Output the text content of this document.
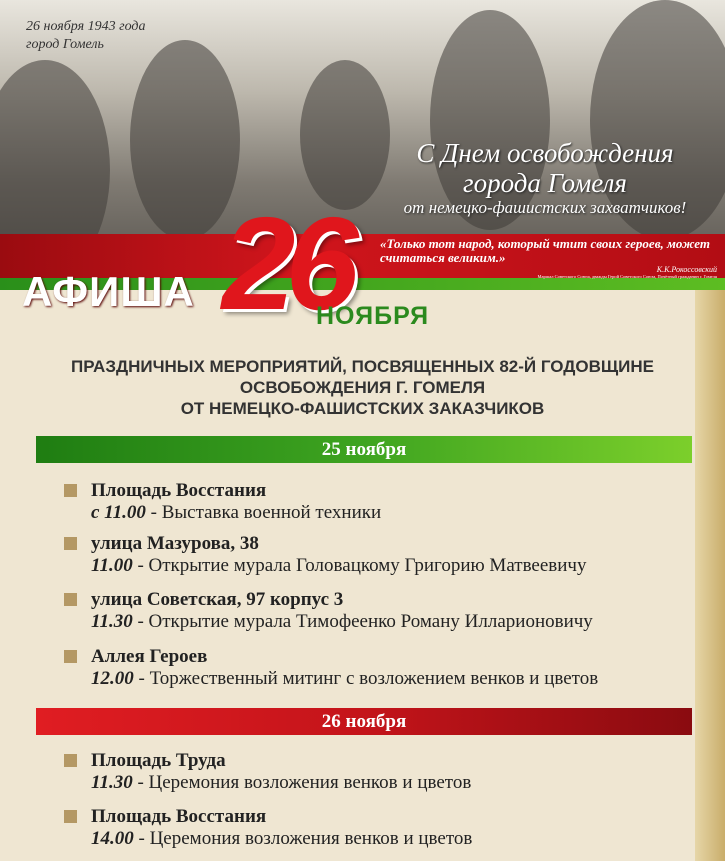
26 ноября 1943 года
город Гомель
С Днем освобождения
города Гомеля
от немецко-фашистских захватчиков!
«Только тот народ, который чтит своих героев, может считаться великим.»
К.К.Рокоссовский
Маршал Советского Союза, дважды Герой Советского Союза, Почётный гражданин г. Гомеля
АФИША 26
НОЯБРЯ
ПРАЗДНИЧНЫХ МЕРОПРИЯТИЙ, ПОСВЯЩЕННЫХ 82-Й ГОДОВЩИНЕ
ОСВОБОЖДЕНИЯ Г. ГОМЕЛЯ
ОТ НЕМЕЦКО-ФАШИСТСКИХ ЗАКАЗЧИКОВ
25 ноября
Площадь Восстания
с 11.00 - Выставка военной техники
улица Мазурова, 38
11.00 - Открытие мурала Головацкому Григорию Матвеевичу
улица Советская, 97 корпус 3
11.30 - Открытие мурала Тимофеенко Роману Илларионовичу
Аллея Героев
12.00 - Торжественный митинг с возложением венков и цветов
26 ноября
Площадь Труда
11.30 - Церемония возложения венков и цветов
Площадь Восстания
14.00 - Церемония возложения венков и цветов
